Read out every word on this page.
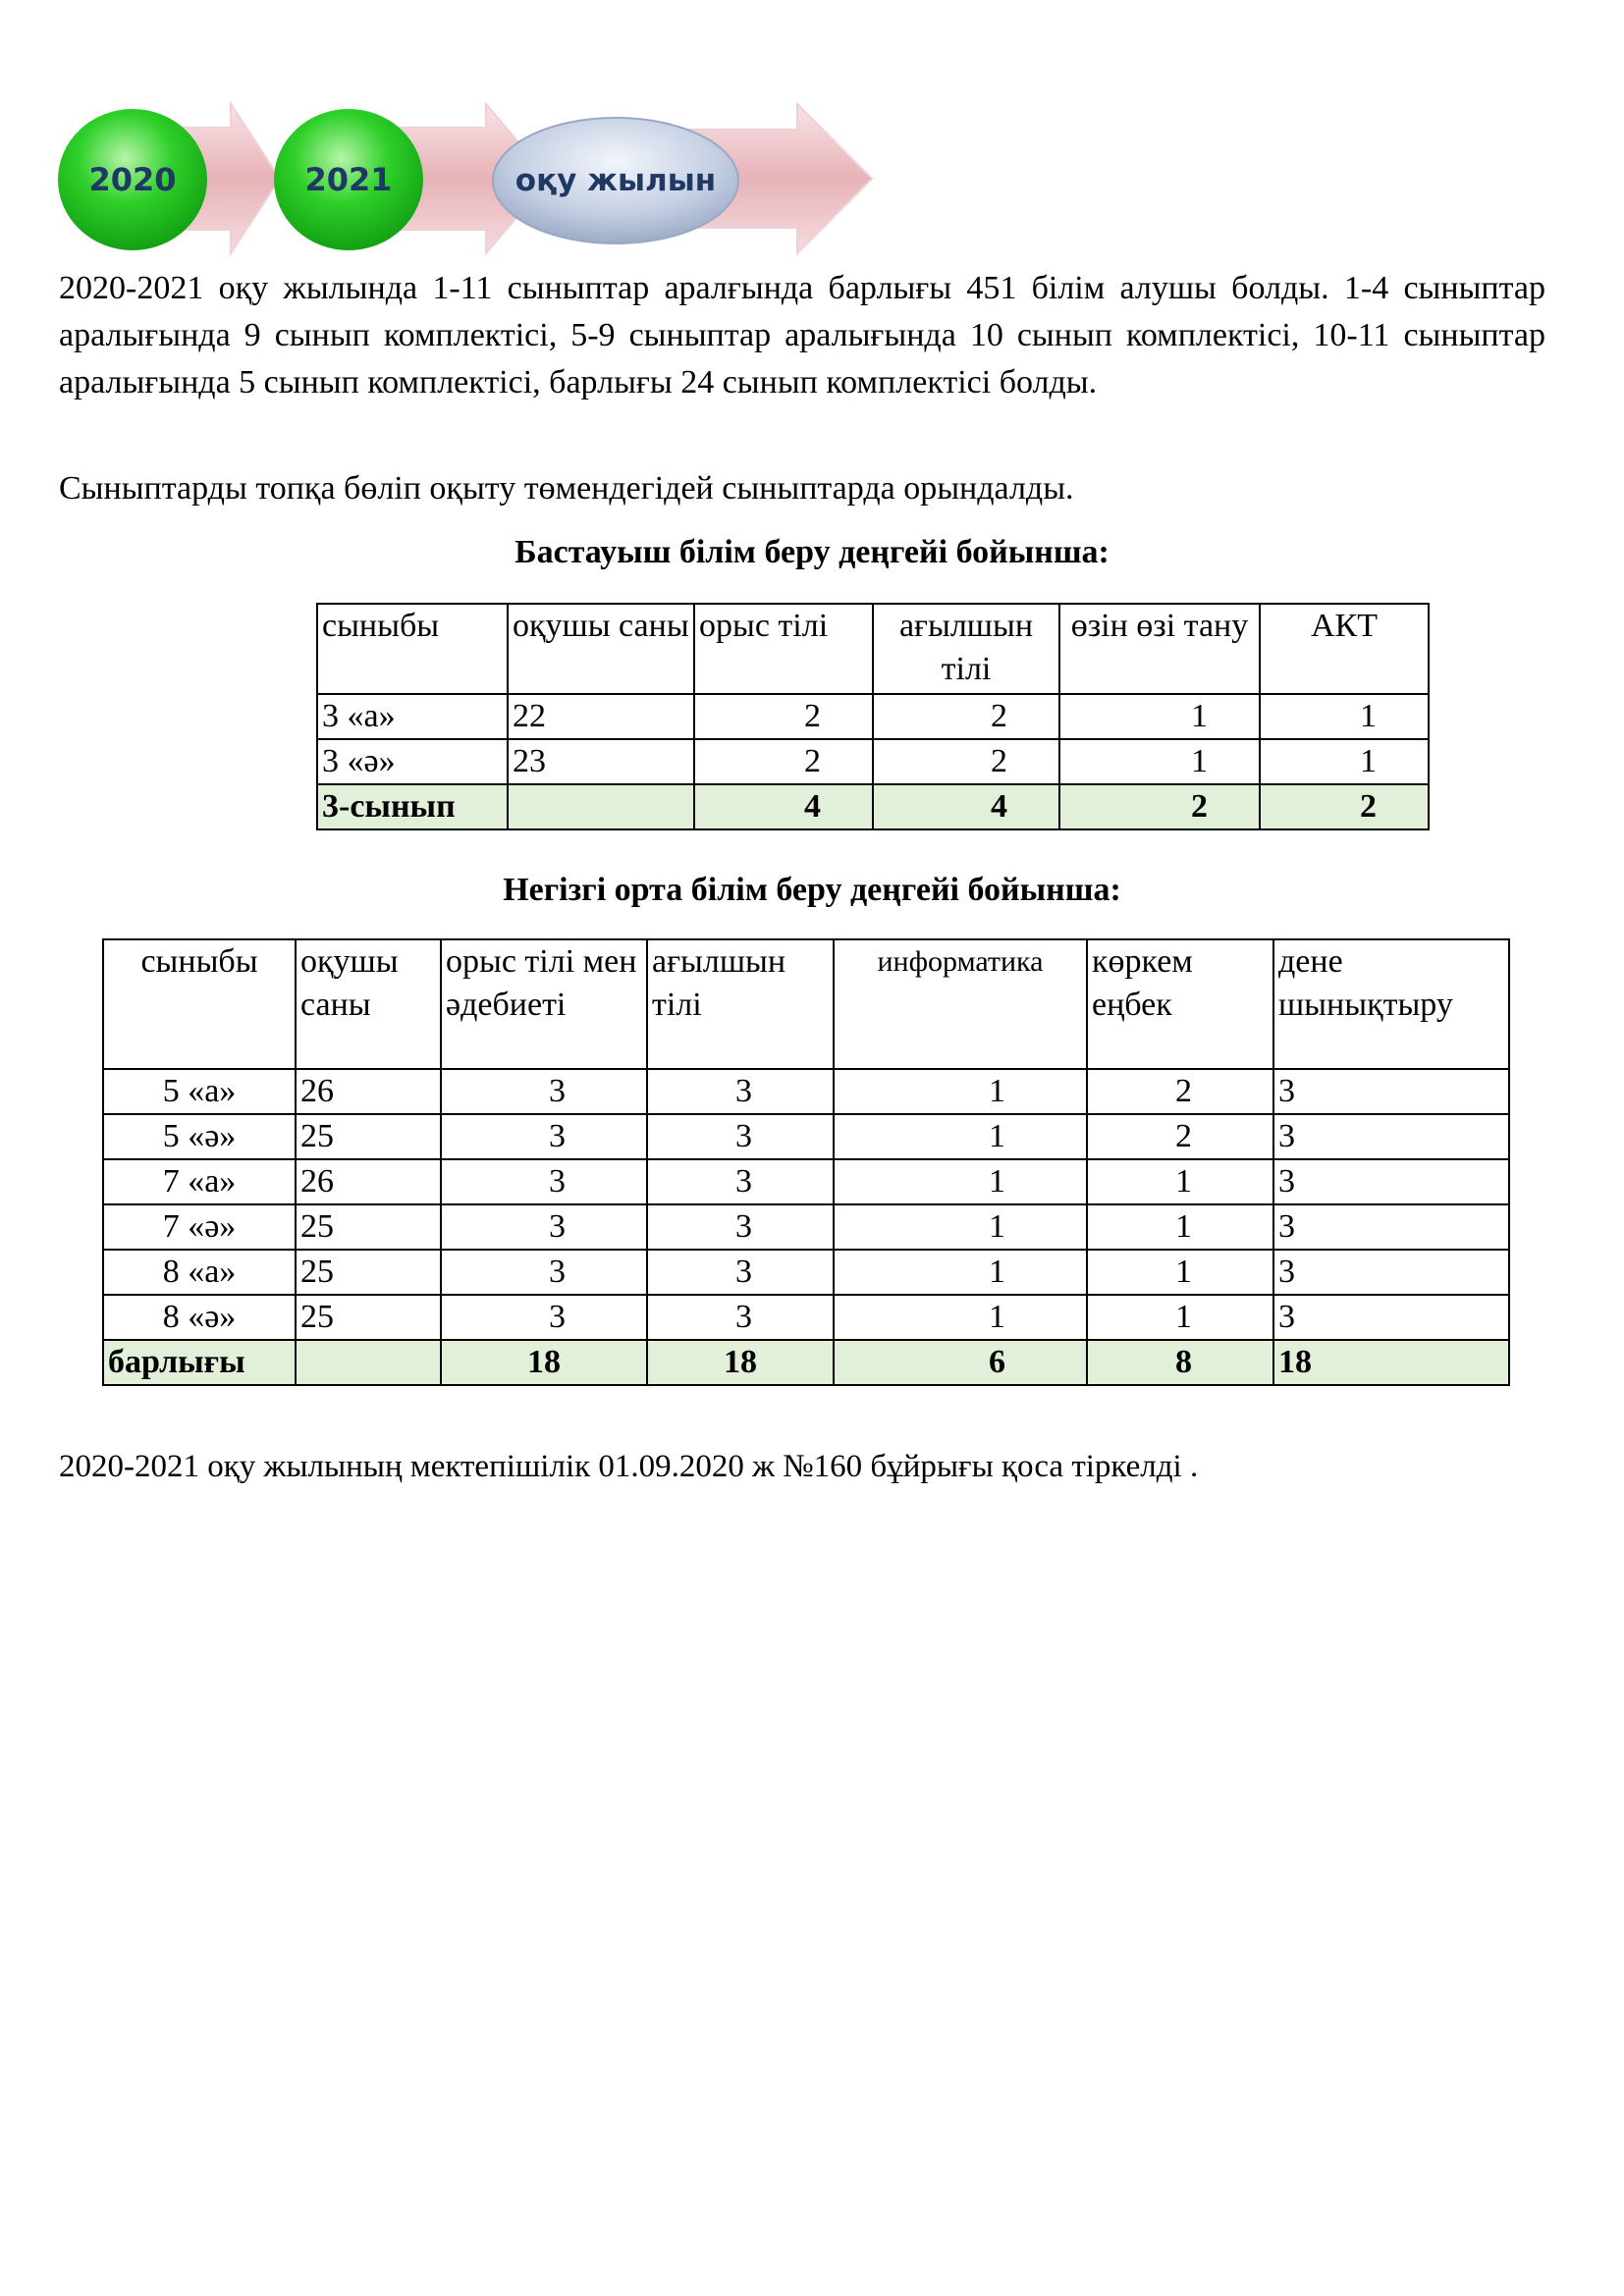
2020	2021	оқу жылын

2020-2021 оқу жылында 1-11 сыныптар аралғында барлығы 451 білім алушы болды. 1-4 сыныптар аралығында 9 сынып комплектісі, 5-9 сыныптар аралығында 10 сынып комплектісі, 10-11 сыныптар аралығында 5 сынып комплектісі, барлығы 24 сынып комплектісі болды.

Сыныптарды топқа бөліп оқыту төмендегідей сыныптарда орындалды.

Бастауыш білім беру деңгейі бойынша:

сыныбы	оқушы саны	орыс тілі	ағылшын тілі	өзін өзі тану	АКТ
3 «а»	22	2	2	1	1
3 «ә»	23	2	2	1	1
3-сынып		4	4	2	2

Негізгі орта білім беру деңгейі бойынша:

сыныбы	оқушы саны	орыс тілі мен әдебиеті	ағылшын тілі	информатика	көркем еңбек	дене шынықтыру
5 «а»	26	3	3	1	2	3
5 «ә»	25	3	3	1	2	3
7 «а»	26	3	3	1	1	3
7 «ә»	25	3	3	1	1	3
8 «а»	25	3	3	1	1	3
8 «ә»	25	3	3	1	1	3
барлығы		18	18	6	8	18

2020-2021 оқу жылының мектепішілік 01.09.2020 ж №160 бұйрығы қоса тіркелді .
